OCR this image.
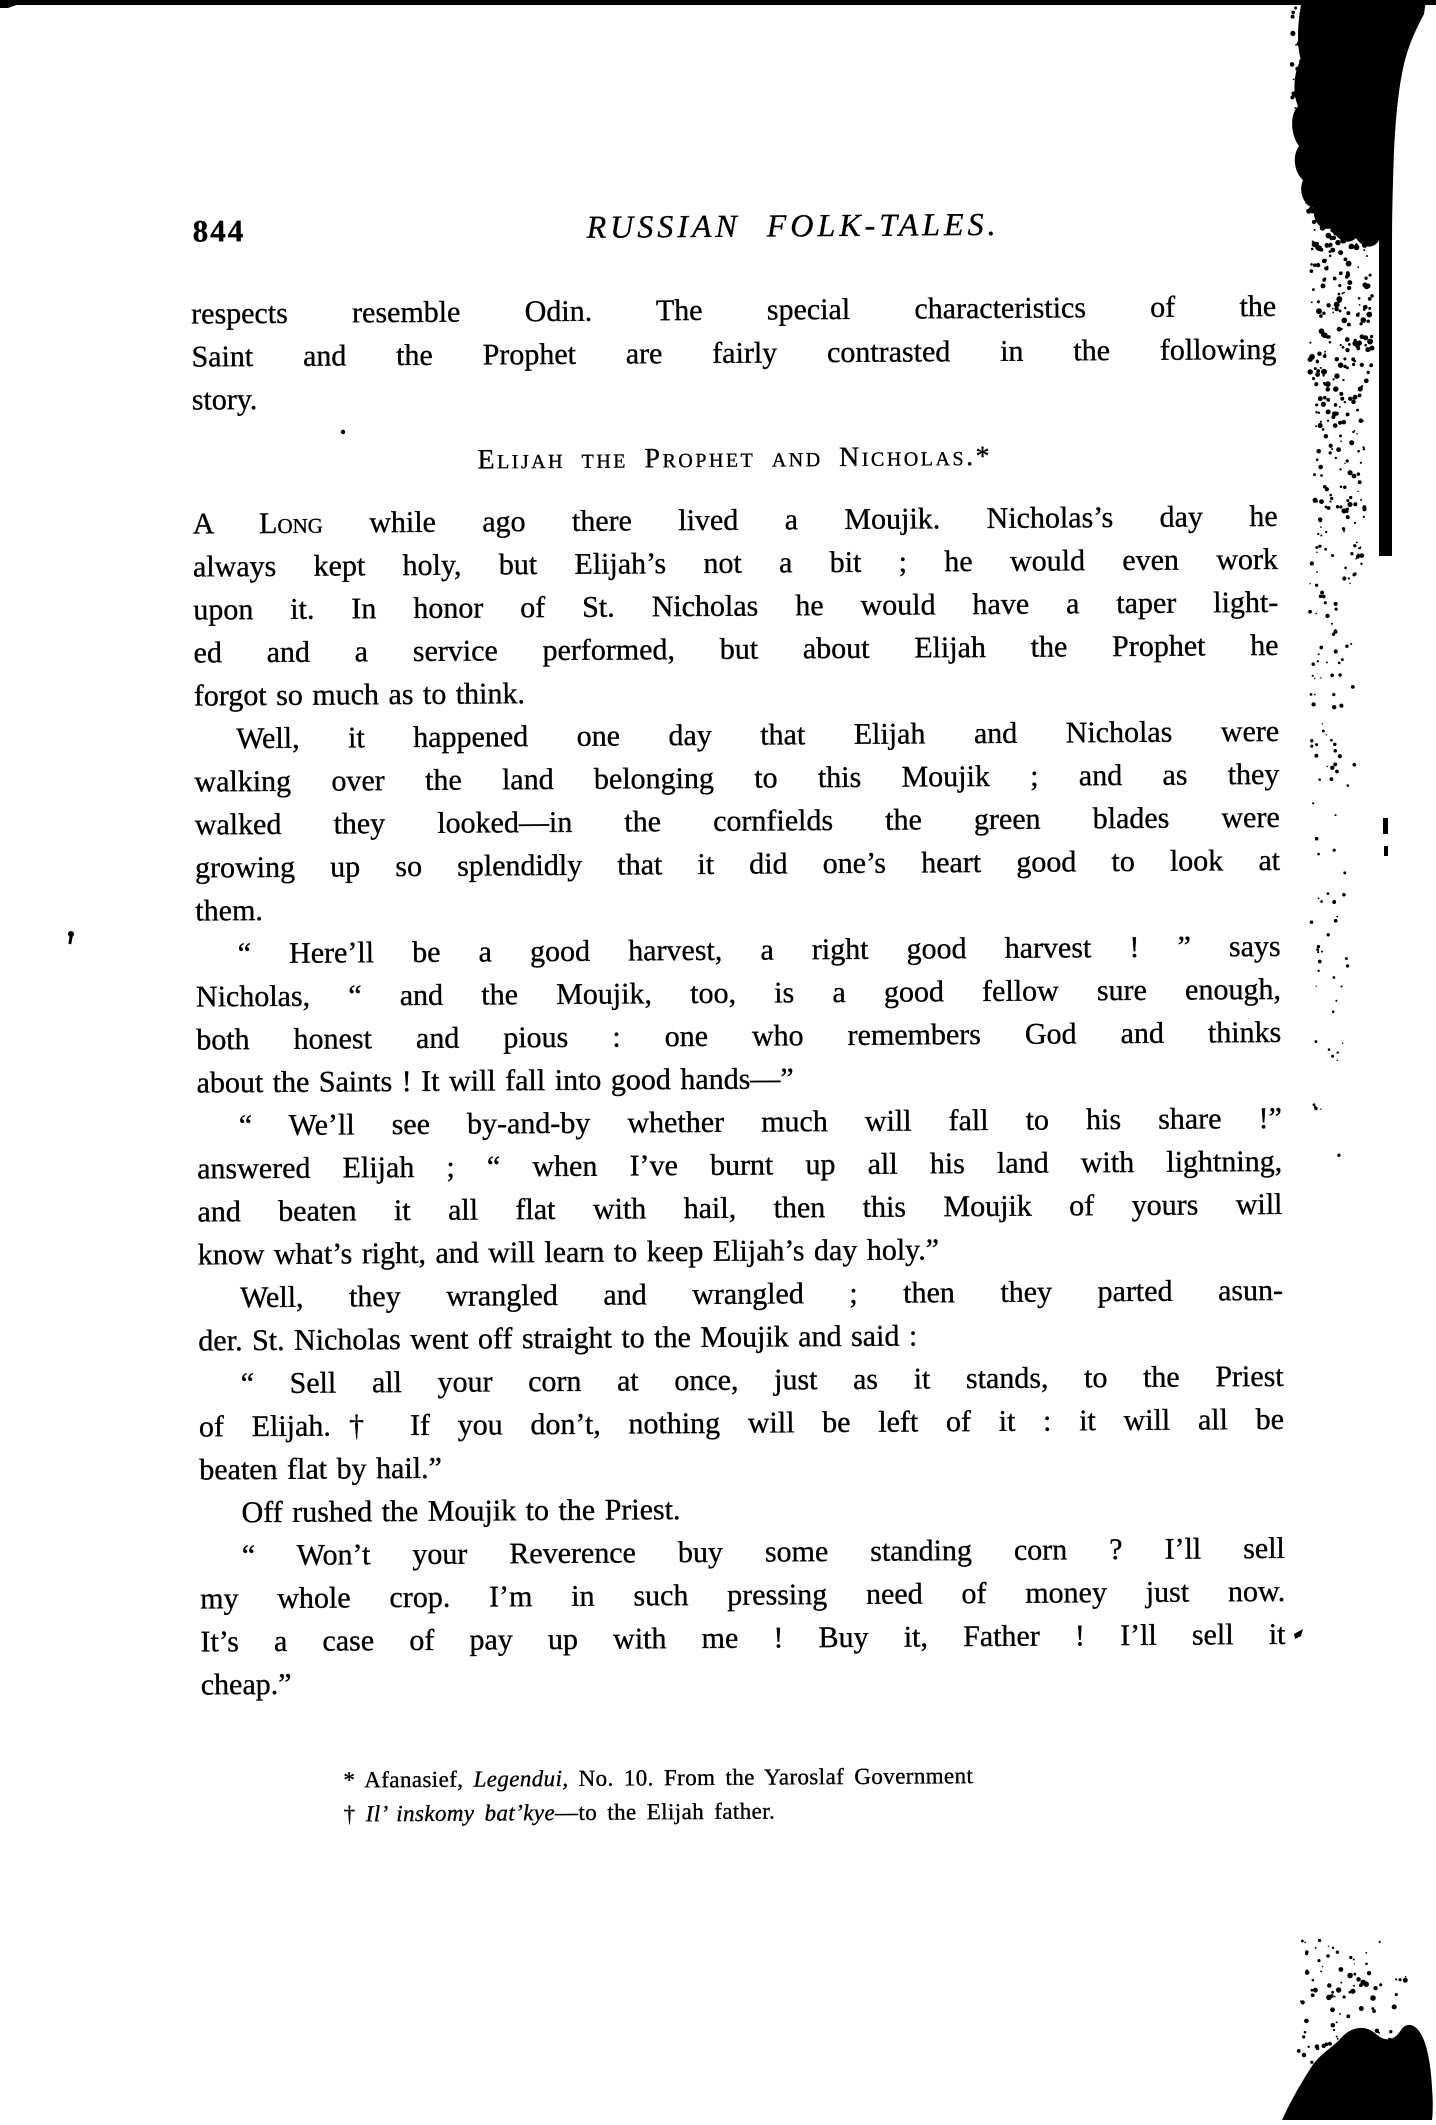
844	RUSSIAN FOLK-TALES.
respects resemble Odin. The special characteristics of the
Saint and the Prophet are fairly contrasted in the following
story.
Elijah the Prophet and Nicholas.*
A Long while ago there lived a Moujik. Nicholas’s day he
always kept holy, but Elijah’s not a bit ; he would even work
upon it. In honor of St. Nicholas he would have a taper light-
ed and a service performed, but about Elijah the Prophet he
forgot so much as to think.
Well, it happened one day that Elijah and Nicholas were
walking over the land belonging to this Moujik ; and as they
walked they looked—in the cornfields the green blades were
growing up so splendidly that it did one’s heart good to look at
them.
“ Here’ll be a good harvest, a right good harvest ! ” says
Nicholas, “ and the Moujik, too, is a good fellow sure enough,
both honest and pious : one who remembers God and thinks
about the Saints ! It will fall into good hands—”
“ We’ll see by-and-by whether much will fall to his share !”
answered Elijah ; “ when I’ve burnt up all his land with lightning,
and beaten it all flat with hail, then this Moujik of yours will
know what’s right, and will learn to keep Elijah’s day holy.”
Well, they wrangled and wrangled ; then they parted asun-
der. St. Nicholas went off straight to the Moujik and said :
“ Sell all your corn at once, just as it stands, to the Priest
of Elijah.† If you don’t, nothing will be left of it : it will all be
beaten flat by hail.”
Off rushed the Moujik to the Priest.
“ Won’t your Reverence buy some standing corn ? I’ll sell
my whole crop. I’m in such pressing need of money just now.
It’s a case of pay up with me ! Buy it, Father ! I’ll sell it
cheap.”
* Afanasief, Legendui, No. 10. From the Yaroslaf Government
† Il’ inskomy bat’kye—to the Elijah father.
